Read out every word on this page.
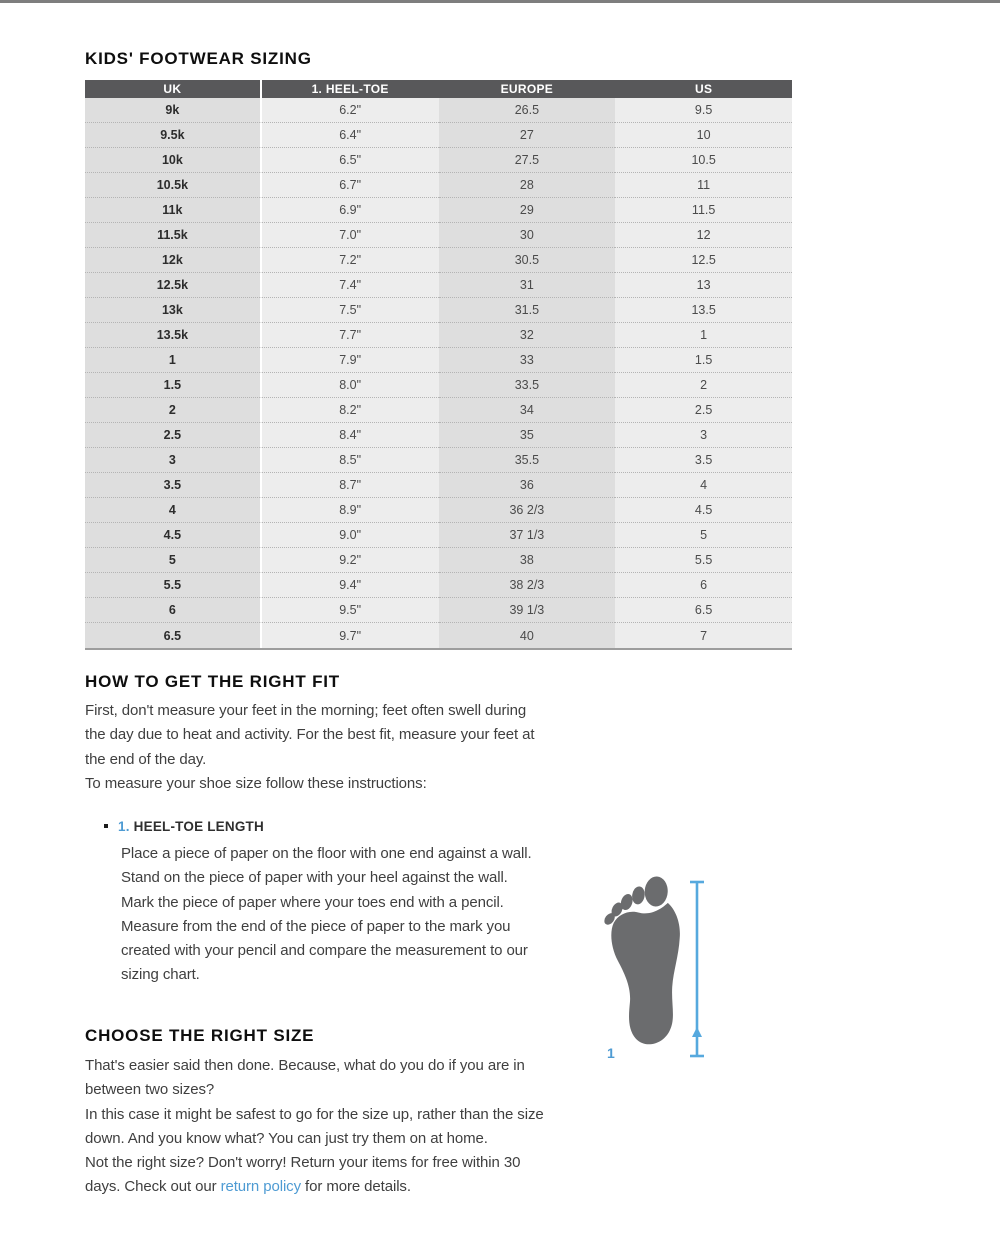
KIDS' FOOTWEAR SIZING
UK	1. HEEL-TOE	EUROPE	US
9k	6.2"	26.5	9.5
9.5k	6.4"	27	10
10k	6.5"	27.5	10.5
10.5k	6.7"	28	11
11k	6.9"	29	11.5
11.5k	7.0"	30	12
12k	7.2"	30.5	12.5
12.5k	7.4"	31	13
13k	7.5"	31.5	13.5
13.5k	7.7"	32	1
1	7.9"	33	1.5
1.5	8.0"	33.5	2
2	8.2"	34	2.5
2.5	8.4"	35	3
3	8.5"	35.5	3.5
3.5	8.7"	36	4
4	8.9"	36 2/3	4.5
4.5	9.0"	37 1/3	5
5	9.2"	38	5.5
5.5	9.4"	38 2/3	6
6	9.5"	39 1/3	6.5
6.5	9.7"	40	7
HOW TO GET THE RIGHT FIT
First, don't measure your feet in the morning; feet often swell during
the day due to heat and activity. For the best fit, measure your feet at
the end of the day.
To measure your shoe size follow these instructions:
1. HEEL-TOE LENGTH
Place a piece of paper on the floor with one end against a wall.
Stand on the piece of paper with your heel against the wall.
Mark the piece of paper where your toes end with a pencil.
Measure from the end of the piece of paper to the mark you
created with your pencil and compare the measurement to our
sizing chart.
1
CHOOSE THE RIGHT SIZE
That's easier said then done. Because, what do you do if you are in
between two sizes?
In this case it might be safest to go for the size up, rather than the size
down. And you know what? You can just try them on at home.
Not the right size? Don't worry! Return your items for free within 30
days. Check out our return policy for more details.
